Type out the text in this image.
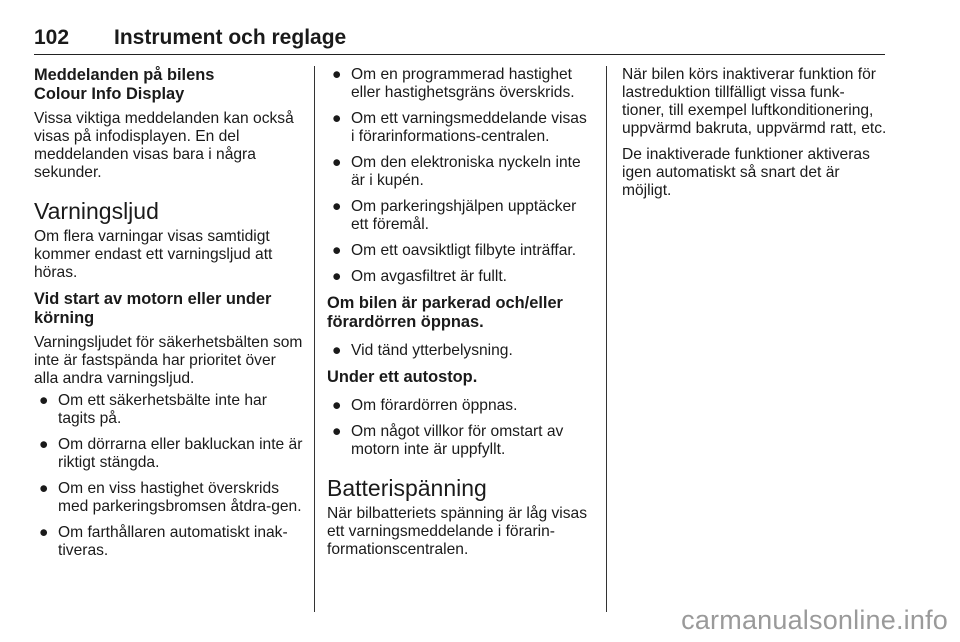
102 Instrument och reglage
Meddelanden på bilens
Colour Info Display

Vissa viktiga meddelanden kan också visas på infodisplayen. En del meddelanden visas bara i några sekunder.

Varningsljud

Om flera varningar visas samtidigt kommer endast ett varningsljud att höras.

Vid start av motorn eller under
körning

Varningsljudet för säkerhetsbälten som inte är fastspända har prioritet över alla andra varningsljud.

● Om ett säkerhetsbälte inte har tagits på.
● Om dörrarna eller bakluckan inte är riktigt stängda.
● Om en viss hastighet överskrids med parkeringsbromsen åtdra-gen.
● Om farthållaren automatiskt inak-tiveras.
● Om en programmerad hastighet eller hastighetsgräns överskrids.
● Om ett varningsmeddelande visas i förarinformations-centralen.
● Om den elektroniska nyckeln inte är i kupén.
● Om parkeringshjälpen upptäcker ett föremål.
● Om ett oavsiktligt filbyte inträffar.
● Om avgasfiltret är fullt.
Om bilen är parkerad och/eller
förardörren öppnas.
● Vid tänd ytterbelysning.
Under ett autostop.
● Om förardörren öppnas.
● Om något villkor för omstart av motorn inte är uppfyllt.
Batterispänning

När bilbatteriets spänning är låg visas ett varningsmeddelande i förarin-formationscentralen.

När bilen körs inaktiverar funktion för lastreduktion tillfälligt vissa funk-tioner, till exempel luftkonditionering, uppvärmd bakruta, uppvärmd ratt, etc.

De inaktiverade funktioner aktiveras igen automatiskt så snart det är möjligt.

carmanualsonline.info
